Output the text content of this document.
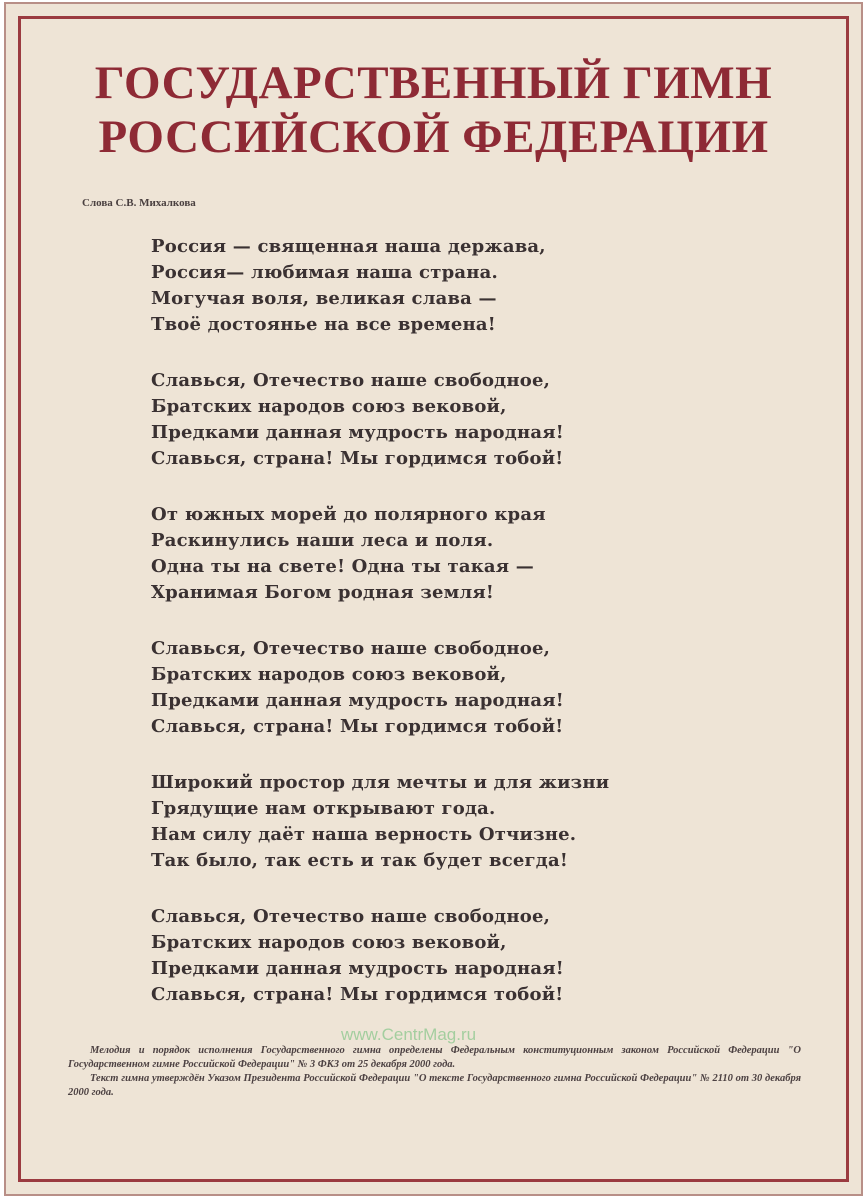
ГОСУДАРСТВЕННЫЙ ГИМН
РОССИЙСКОЙ ФЕДЕРАЦИИ
Слова С.В. Михалкова
Россия — священная наша держава,
Россия— любимая наша страна.
Могучая воля, великая слава —
Твоё достоянье на все времена!
Славься, Отечество наше свободное,
Братских народов союз вековой,
Предками данная мудрость народная!
Славься, страна! Мы гордимся тобой!
От южных морей до полярного края
Раскинулись наши леса и поля.
Одна ты на свете! Одна ты такая —
Хранимая Богом родная земля!
Славься, Отечество наше свободное,
Братских народов союз вековой,
Предками данная мудрость народная!
Славься, страна! Мы гордимся тобой!
Широкий простор для мечты и для жизни
Грядущие нам открывают года.
Нам силу даёт наша верность Отчизне.
Так было, так есть и так будет всегда!
Славься, Отечество наше свободное,
Братских народов союз вековой,
Предками данная мудрость народная!
Славься, страна! Мы гордимся тобой!
www.CentrMag.ru

Мелодия и порядок исполнения Государственного гимна определены Федеральным конституционным законом Российской Федерации "О Государственном гимне Российской Федерации" № 3 ФКЗ от 25 декабря 2000 года.

Текст гимна утверждён Указом Президента Российской Федерации "О тексте Государственного гимна Российской Федерации" № 2110 от 30 декабря 2000 года.
